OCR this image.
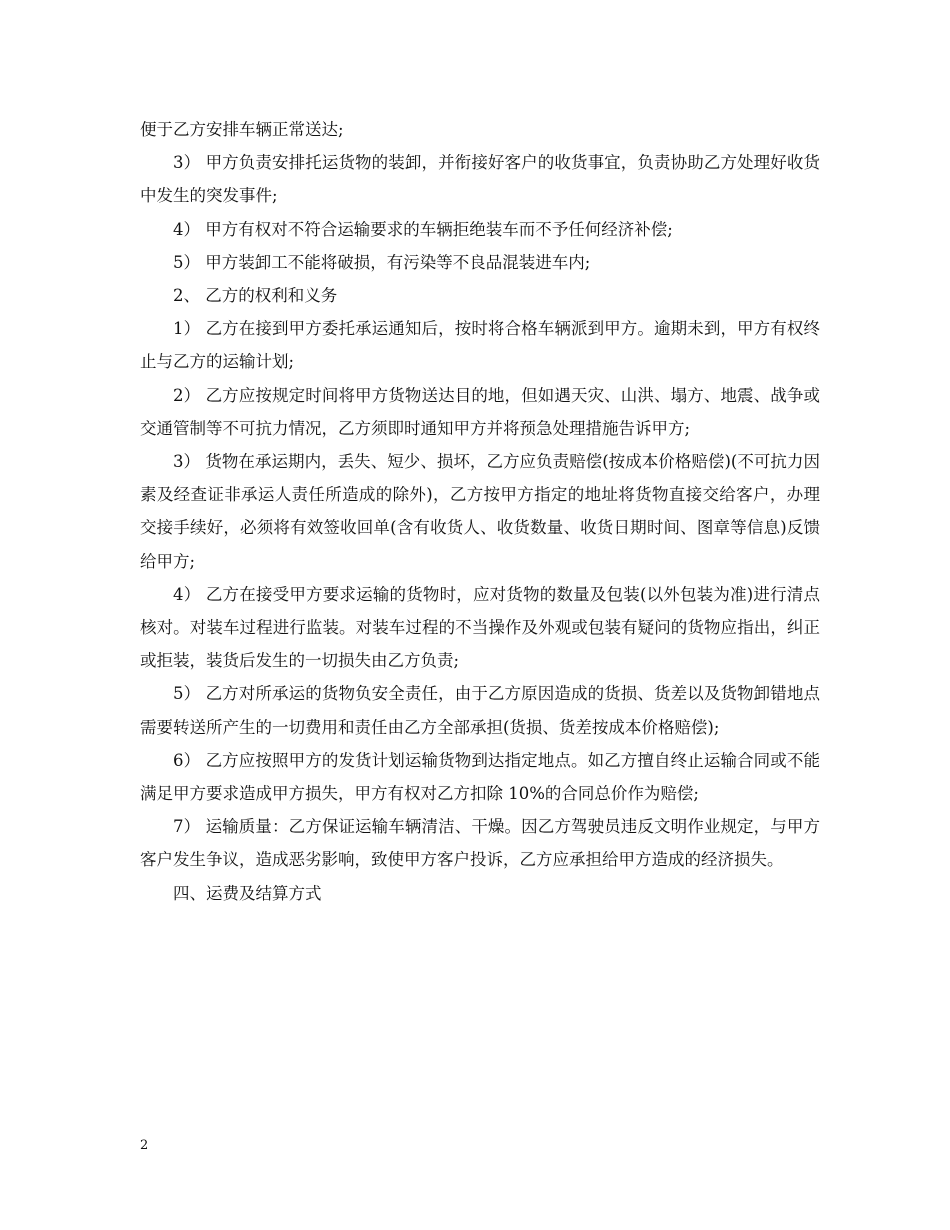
便于乙方安排车辆正常送达;

3） 甲方负责安排托运货物的装卸，并衔接好客户的收货事宜，负责协助乙方处理好收货中发生的突发事件;

4） 甲方有权对不符合运输要求的车辆拒绝装车而不予任何经济补偿;

5） 甲方装卸工不能将破损，有污染等不良品混装进车内;

2、 乙方的权利和义务

1） 乙方在接到甲方委托承运通知后，按时将合格车辆派到甲方。逾期未到，甲方有权终止与乙方的运输计划;

2） 乙方应按规定时间将甲方货物送达目的地，但如遇天灾、山洪、塌方、地震、战争或交通管制等不可抗力情况，乙方须即时通知甲方并将预急处理措施告诉甲方;

3） 货物在承运期内，丢失、短少、损坏，乙方应负责赔偿(按成本价格赔偿)(不可抗力因素及经查证非承运人责任所造成的除外)，乙方按甲方指定的地址将货物直接交给客户，办理交接手续好，必须将有效签收回单(含有收货人、收货数量、收货日期时间、图章等信息)反馈给甲方;

4） 乙方在接受甲方要求运输的货物时，应对货物的数量及包装(以外包装为准)进行清点核对。对装车过程进行监装。对装车过程的不当操作及外观或包装有疑问的货物应指出，纠正或拒装，装货后发生的一切损失由乙方负责;

5） 乙方对所承运的货物负安全责任，由于乙方原因造成的货损、货差以及货物卸错地点需要转送所产生的一切费用和责任由乙方全部承担(货损、货差按成本价格赔偿);

6） 乙方应按照甲方的发货计划运输货物到达指定地点。如乙方擅自终止运输合同或不能满足甲方要求造成甲方损失，甲方有权对乙方扣除 10%的合同总价作为赔偿;

7） 运输质量：乙方保证运输车辆清洁、干燥。因乙方驾驶员违反文明作业规定，与甲方客户发生争议，造成恶劣影响，致使甲方客户投诉，乙方应承担给甲方造成的经济损失。

四、运费及结算方式

2
